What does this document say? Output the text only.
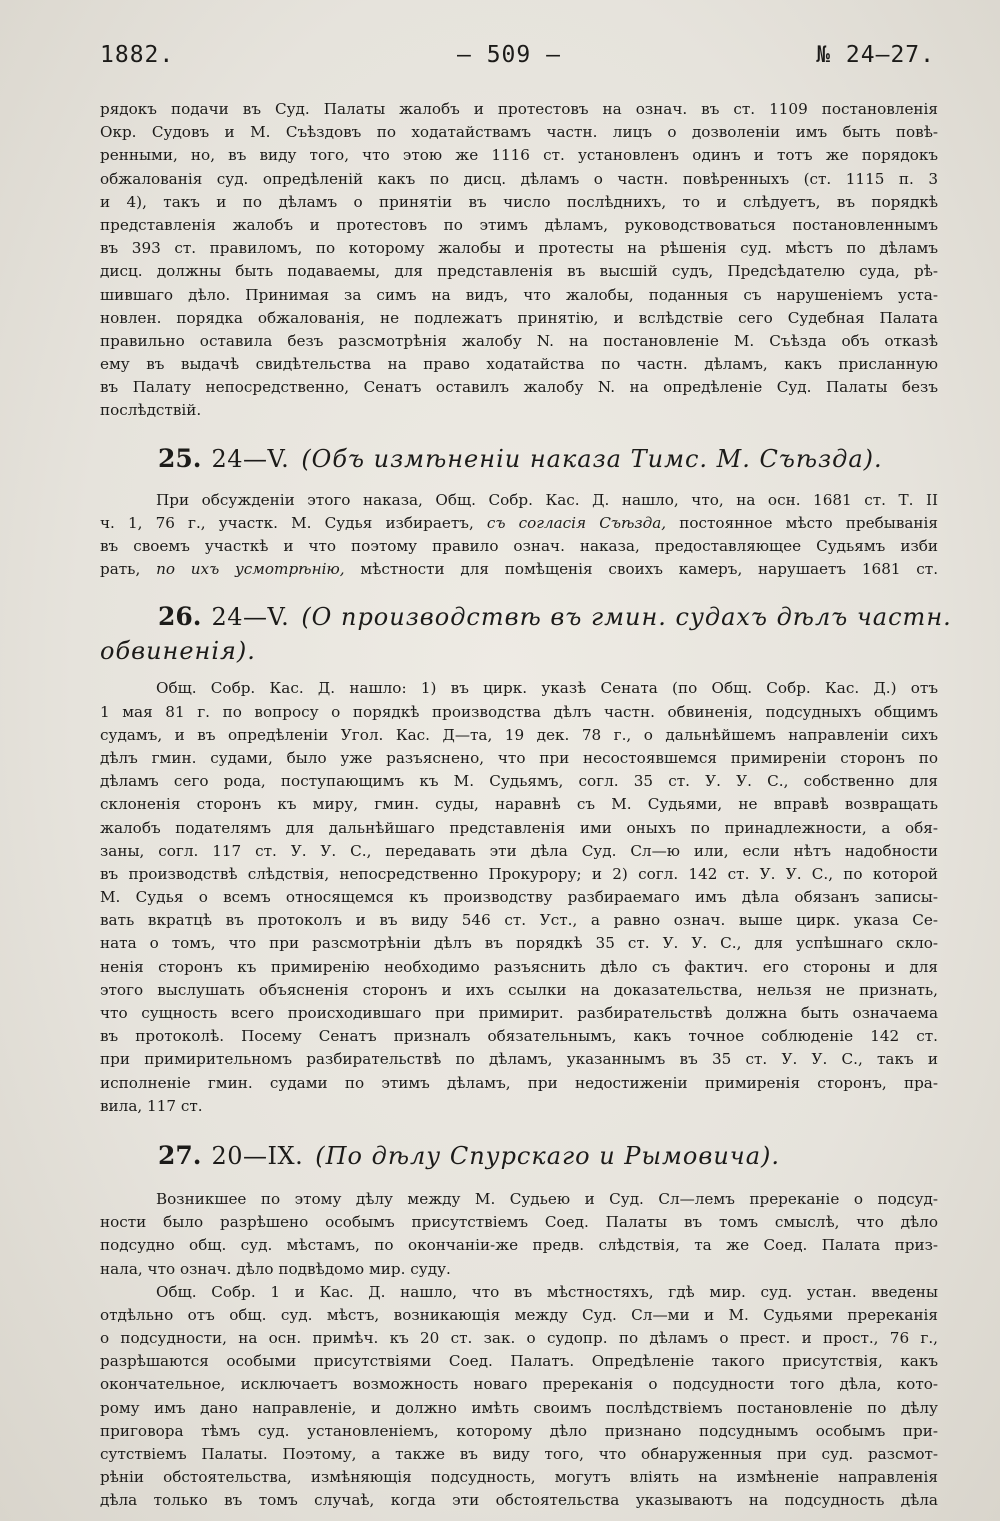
1882.	— 509 —	№ 24—27.
рядокъ подачи въ Суд. Палаты жалобъ и протестовъ на означ. въ ст. 1109 постановленія
Окр. Судовъ и М. Съѣздовъ по ходатайствамъ частн. лицъ о дозволеніи имъ быть повѣ-
ренными, но, въ виду того, что этою же 1116 ст. установленъ одинъ и тотъ же порядокъ
обжалованія суд. опредѣленій какъ по дисц. дѣламъ о частн. повѣренныхъ (ст. 1115 п. 3
и 4), такъ и по дѣламъ о принятіи въ число послѣднихъ, то и слѣдуетъ, въ порядкѣ
представленія жалобъ и протестовъ по этимъ дѣламъ, руководствоваться постановленнымъ
въ 393 ст. правиломъ, по которому жалобы и протесты на рѣшенія суд. мѣстъ по дѣламъ
дисц. должны быть подаваемы, для представленія въ высшій судъ, Предсѣдателю суда, рѣ-
шившаго дѣло. Принимая за симъ на видъ, что жалобы, поданныя съ нарушеніемъ уста-
новлен. порядка обжалованія, не подлежатъ принятію, и вслѣдствіе сего Судебная Палата
правильно оставила безъ разсмотрѣнія жалобу N. на постановленіе М. Съѣзда объ отказѣ
ему въ выдачѣ свидѣтельства на право ходатайства по частн. дѣламъ, какъ присланную
въ Палату непосредственно, Сенатъ оставилъ жалобу N. на опредѣленіе Суд. Палаты безъ
послѣдствій.
25. 24—V. (Объ измѣненіи наказа Тимс. М. Съѣзда).
При обсужденіи этого наказа, Общ. Собр. Кас. Д. нашло, что, на осн. 1681 ст. Т. II
ч. 1, 76 г., участк. М. Судья избираетъ, съ согласія Съѣзда, постоянное мѣсто пребыванія
въ своемъ участкѣ и что поэтому правило означ. наказа, предоставляющее Судьямъ изби
рать, по ихъ усмотрѣнію, мѣстности для помѣщенія своихъ камеръ, нарушаетъ 1681 ст.
26. 24—V. (О производствѣ въ гмин. судахъ дѣлъ частн.
обвиненія).
Общ. Собр. Кас. Д. нашло: 1) въ цирк. указѣ Сената (по Общ. Собр. Кас. Д.) отъ
1 мая 81 г. по вопросу о порядкѣ производства дѣлъ частн. обвиненія, подсудныхъ общимъ
судамъ, и въ опредѣленіи Угол. Кас. Д—та, 19 дек. 78 г., о дальнѣйшемъ направленіи сихъ
дѣлъ гмин. судами, было уже разъяснено, что при несостоявшемся примиреніи сторонъ по
дѣламъ сего рода, поступающимъ къ М. Судьямъ, согл. 35 ст. У. У. С., собственно для
склоненія сторонъ къ миру, гмин. суды, наравнѣ съ М. Судьями, не вправѣ возвращать
жалобъ подателямъ для дальнѣйшаго представленія ими оныхъ по принадлежности, а обя-
заны, согл. 117 ст. У. У. С., передавать эти дѣла Суд. Сл—ю или, если нѣтъ надобности
въ производствѣ слѣдствія, непосредственно Прокурору; и 2) согл. 142 ст. У. У. С., по которой
М. Судья о всемъ относящемся къ производству разбираемаго имъ дѣла обязанъ записы-
вать вкратцѣ въ протоколъ и въ виду 546 ст. Уст., а равно означ. выше цирк. указа Се-
ната о томъ, что при разсмотрѣніи дѣлъ въ порядкѣ 35 ст. У. У. С., для успѣшнаго скло-
ненія сторонъ къ примиренію необходимо разъяснить дѣло съ фактич. его стороны и для
этого выслушать объясненія сторонъ и ихъ ссылки на доказательства, нельзя не признать,
что сущность всего происходившаго при примирит. разбирательствѣ должна быть означаема
въ протоколѣ. Посему Сенатъ призналъ обязательнымъ, какъ точное соблюденіе 142 ст.
при примирительномъ разбирательствѣ по дѣламъ, указаннымъ въ 35 ст. У. У. С., такъ и
исполненіе гмин. судами по этимъ дѣламъ, при недостиженіи примиренія сторонъ, пра-
вила, 117 ст.
27. 20—IX. (По дѣлу Спурскаго и Рымовича).
Возникшее по этому дѣлу между М. Судьею и Суд. Сл—лемъ пререканіе о подсуд-
ности было разрѣшено особымъ присутствіемъ Соед. Палаты въ томъ смыслѣ, что дѣло
подсудно общ. суд. мѣстамъ, по окончаніи-же предв. слѣдствія, та же Соед. Палата приз-
нала, что означ. дѣло подвѣдомо мир. суду.
Общ. Собр. 1 и Кас. Д. нашло, что въ мѣстностяхъ, гдѣ мир. суд. устан. введены
отдѣльно отъ общ. суд. мѣстъ, возникающія между Суд. Сл—ми и М. Судьями пререканія
о подсудности, на осн. примѣч. къ 20 ст. зак. о судопр. по дѣламъ о прест. и прост., 76 г.,
разрѣшаются особыми присутствіями Соед. Палатъ. Опредѣленіе такого присутствія, какъ
окончательное, исключаетъ возможность новаго пререканія о подсудности того дѣла, кото-
рому имъ дано направленіе, и должно имѣть своимъ послѣдствіемъ постановленіе по дѣлу
приговора тѣмъ суд. установленіемъ, которому дѣло признано подсуднымъ особымъ при-
сутствіемъ Палаты. Поэтому, а также въ виду того, что обнаруженныя при суд. разсмот-
рѣніи обстоятельства, измѣняющія подсудность, могутъ вліять на измѣненіе направленія
дѣла только въ томъ случаѣ, когда эти обстоятельства указываютъ на подсудность дѣла
